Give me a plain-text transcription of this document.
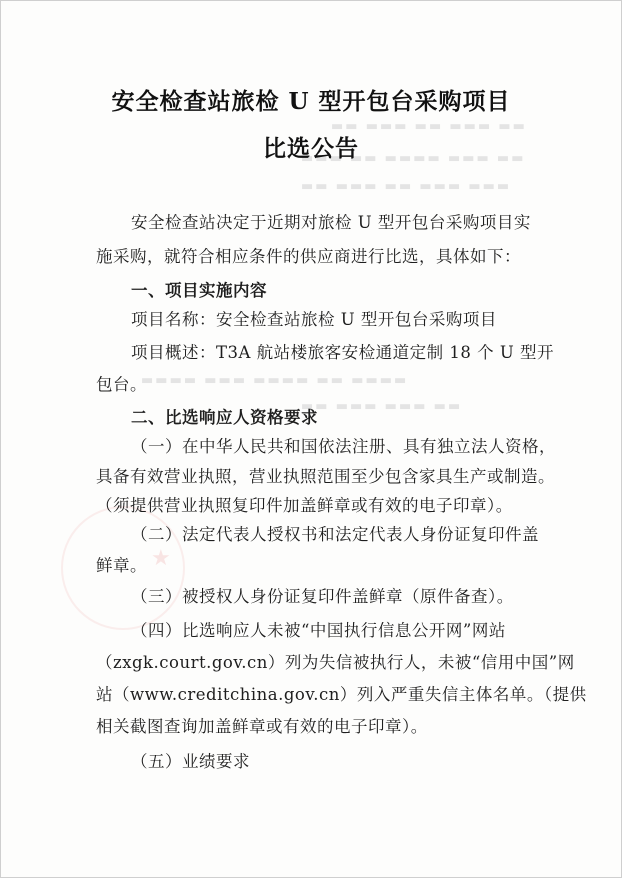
▬▬ ▬▬▬ ▬▬ ▬▬▬ ▬▬
▬▬▬ ▬▬ ▬▬▬▬ ▬▬▬ ▬▬
▬▬ ▬▬▬ ▬▬ ▬▬▬ ▬▬▬
▬▬▬▬ ▬▬▬ ▬▬▬▬ ▬▬ ▬▬▬▬
▬▬ ▬▬▬ ▬▬▬ ▬▬
★
安全检查站旅检 U 型开包台采购项目
比选公告
安全检查站决定于近期对旅检 U 型开包台采购项目实
施采购，就符合相应条件的供应商进行比选，具体如下：
一、项目实施内容
项目名称：安全检查站旅检 U 型开包台采购项目
项目概述：T3A 航站楼旅客安检通道定制 18 个 U 型开
包台。
二、比选响应人资格要求
（一）在中华人民共和国依法注册、具有独立法人资格，
具备有效营业执照，营业执照范围至少包含家具生产或制造。
（须提供营业执照复印件加盖鲜章或有效的电子印章）。
（二）法定代表人授权书和法定代表人身份证复印件盖
鲜章。
（三）被授权人身份证复印件盖鲜章（原件备查）。
（四）比选响应人未被“中国执行信息公开网”网站
（zxgk.court.gov.cn）列为失信被执行人，未被“信用中国”网
站（www.creditchina.gov.cn）列入严重失信主体名单。（提供
相关截图查询加盖鲜章或有效的电子印章）。
（五）业绩要求
